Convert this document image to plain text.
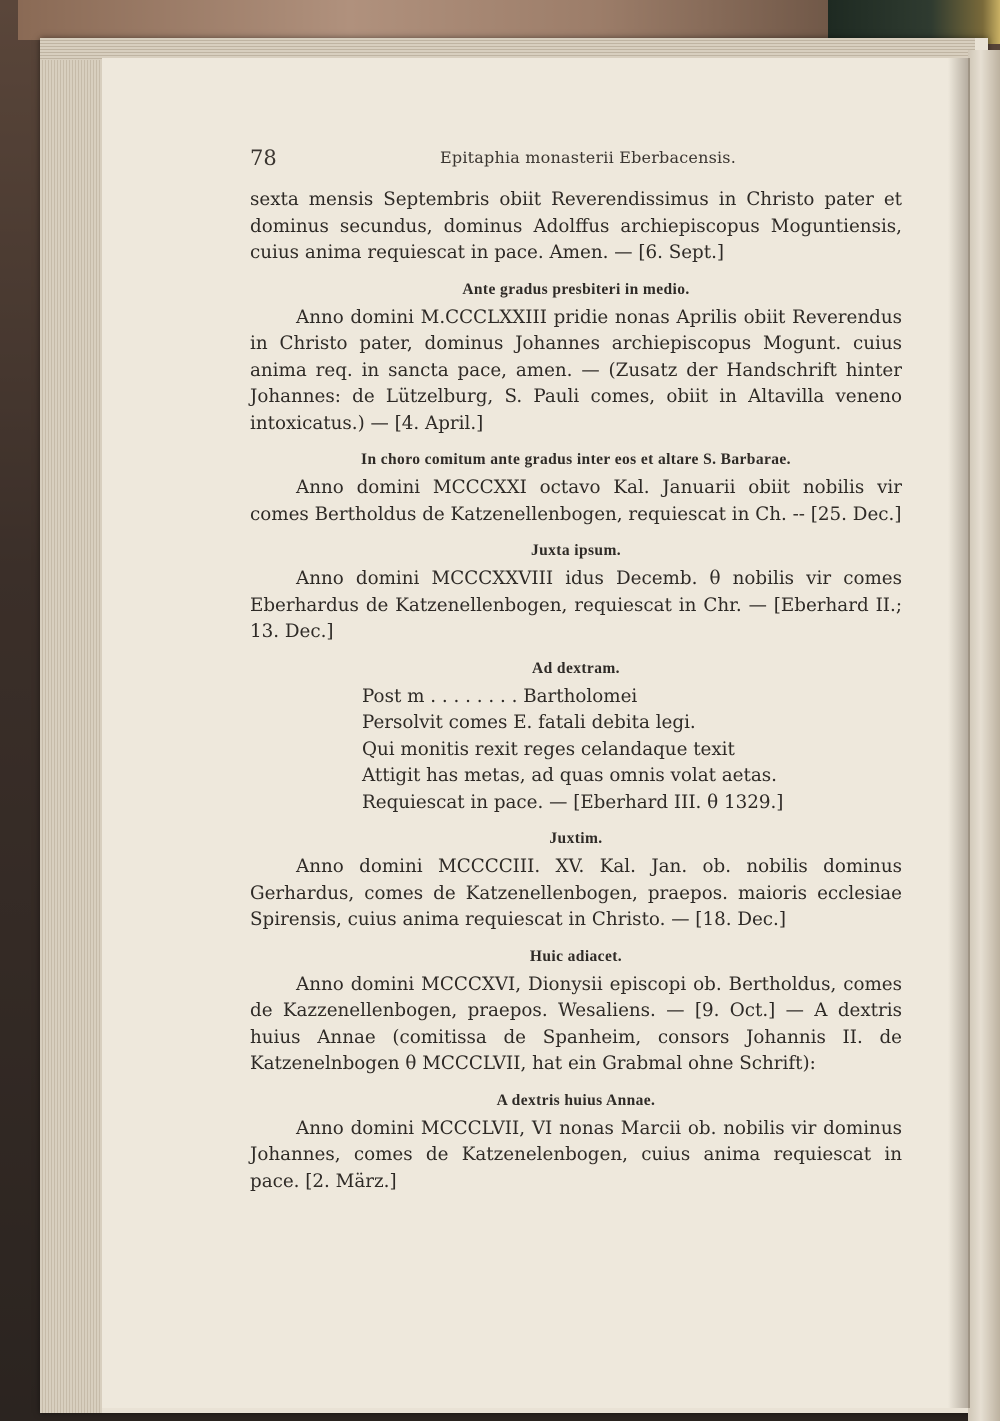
78	Epitaphia monasterii Eberbacensis.

sexta mensis Septembris obiit Reverendissimus in Christo pater et dominus secundus, dominus Adolffus archiepiscopus Moguntiensis, cuius anima requiescat in pace. Amen. — [6. Sept.]

Ante gradus presbiteri in medio.

Anno domini M.CCCLXXIII pridie nonas Aprilis obiit Reverendus in Christo pater, dominus Johannes archiepiscopus Mogunt. cuius anima req. in sancta pace, amen. — (Zusatz der Handschrift hinter Johannes: de Lützelburg, S. Pauli comes, obiit in Altavilla veneno intoxicatus.) — [4. April.]

In choro comitum ante gradus inter eos et altare S. Barbarae.

Anno domini MCCCXXI octavo Kal. Januarii obiit nobilis vir comes Bertholdus de Katzenellenbogen, requiescat in Ch. -- [25. Dec.]

Juxta ipsum.

Anno domini MCCCXXVIII idus Decemb. θ nobilis vir comes Eberhardus de Katzenellenbogen, requiescat in Chr. — [Eberhard II.; 13. Dec.]

Ad dextram.
Post m . . . . . . . . Bartholomei
Persolvit comes E. fatali debita legi.
Qui monitis rexit reges celandaque texit
Attigit has metas, ad quas omnis volat aetas.
Requiescat in pace. — [Eberhard III. θ 1329.]
Juxtim.

Anno domini MCCCCIII. XV. Kal. Jan. ob. nobilis dominus Gerhardus, comes de Katzenellenbogen, praepos. maioris ecclesiae Spirensis, cuius anima requiescat in Christo. — [18. Dec.]

Huic adiacet.

Anno domini MCCCXVI, Dionysii episcopi ob. Bertholdus, comes de Kazzenellenbogen, praepos. Wesaliens. — [9. Oct.] — A dextris huius Annae (comitissa de Spanheim, consors Johannis II. de Katzenelnbogen θ MCCCLVII, hat ein Grabmal ohne Schrift):

A dextris huius Annae.

Anno domini MCCCLVII, VI nonas Marcii ob. nobilis vir dominus Johannes, comes de Katzenelenbogen, cuius anima requiescat in pace. [2. März.]
